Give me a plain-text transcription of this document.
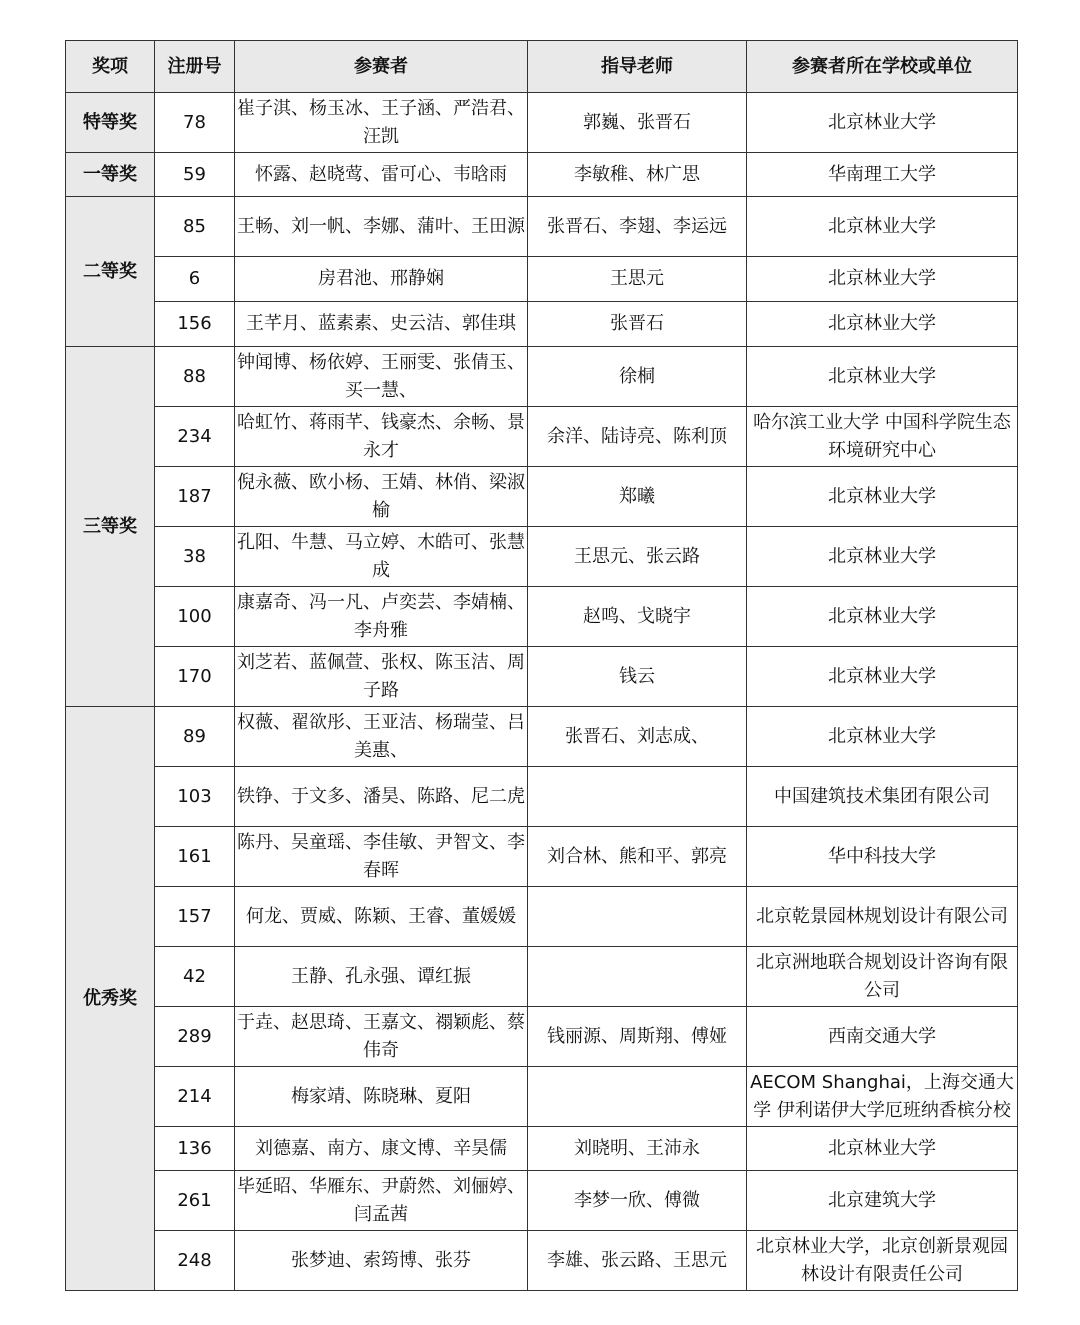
奖项	注册号	参赛者	指导老师	参赛者所在学校或单位
特等奖	78	崔子淇、杨玉冰、王子涵、严浩君、汪凯	郭巍、张晋石	北京林业大学
一等奖	59	怀露、赵晓莺、雷可心、韦晗雨	李敏稚、林广思	华南理工大学
二等奖	85	王畅、刘一帆、李娜、蒲叶、王田源	张晋石、李翅、李运远	北京林业大学
	6	房君池、邢静娴	王思元	北京林业大学
	156	王芊月、蓝素素、史云洁、郭佳琪	张晋石	北京林业大学
三等奖	88	钟闻博、杨依婷、王丽雯、张倩玉、买一慧、	徐桐	北京林业大学
	234	哈虹竹、蒋雨芊、钱豪杰、余畅、景永才	余洋、陆诗亮、陈利顶	哈尔滨工业大学 中国科学院生态环境研究中心
	187	倪永薇、欧小杨、王婧、林俏、梁淑榆	郑曦	北京林业大学
	38	孔阳、牛慧、马立婷、木皓可、张慧成	王思元、张云路	北京林业大学
	100	康嘉奇、冯一凡、卢奕芸、李婧楠、李舟雅	赵鸣、戈晓宇	北京林业大学
	170	刘芝若、蓝佩萱、张权、陈玉洁、周子路	钱云	北京林业大学
优秀奖	89	权薇、翟欲彤、王亚洁、杨瑞莹、吕美惠、	张晋石、刘志成、	北京林业大学
	103	铁铮、于文多、潘昊、陈路、尼二虎		中国建筑技术集团有限公司
	161	陈丹、吴童瑶、李佳敏、尹智文、李春晖	刘合林、熊和平、郭亮	华中科技大学
	157	何龙、贾威、陈颖、王睿、董媛媛		北京乾景园林规划设计有限公司
	42	王静、孔永强、谭红振		北京洲地联合规划设计咨询有限公司
	289	于垚、赵思琦、王嘉文、禤颖彪、蔡伟奇	钱丽源、周斯翔、傅娅	西南交通大学
	214	梅家靖、陈晓琳、夏阳		AECOM Shanghai，上海交通大学 伊利诺伊大学厄班纳香槟分校
	136	刘德嘉、南方、康文博、辛昊儒	刘晓明、王沛永	北京林业大学
	261	毕延昭、华雁东、尹蔚然、刘俪婷、闫孟茜	李梦一欣、傅微	北京建筑大学
	248	张梦迪、索筠博、张芬	李雄、张云路、王思元	北京林业大学，北京创新景观园林设计有限责任公司
